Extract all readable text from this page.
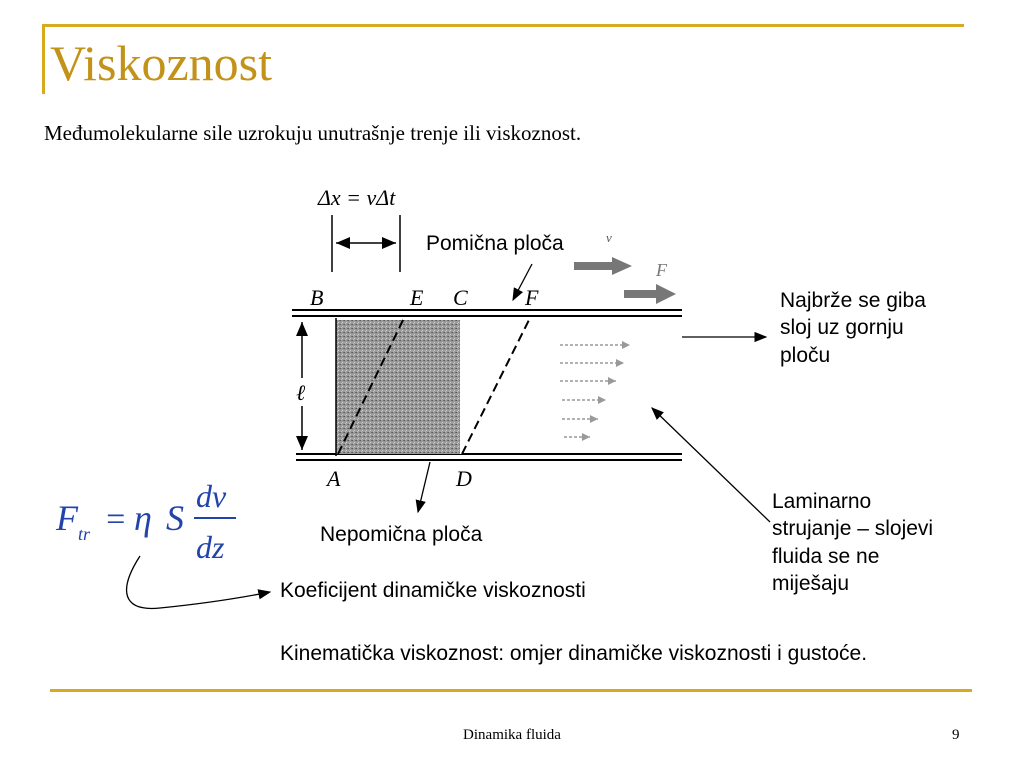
Viskoznost
Međumolekularne sile uzrokuju unutrašnje trenje ili viskoznost.
Δx = vΔt
v
F
B	E C	F
A	D
ℓ
F tr = η S
dv
dz
Pomična ploča
Najbrže se giba
sloj uz gornju
ploču
Laminarno
strujanje – slojevi
fluida se ne
miješaju
Nepomična ploča
Koeficijent dinamičke viskoznosti
Kinematička viskoznost: omjer dinamičke viskoznosti i gustoće.
Dinamika fluida	9
